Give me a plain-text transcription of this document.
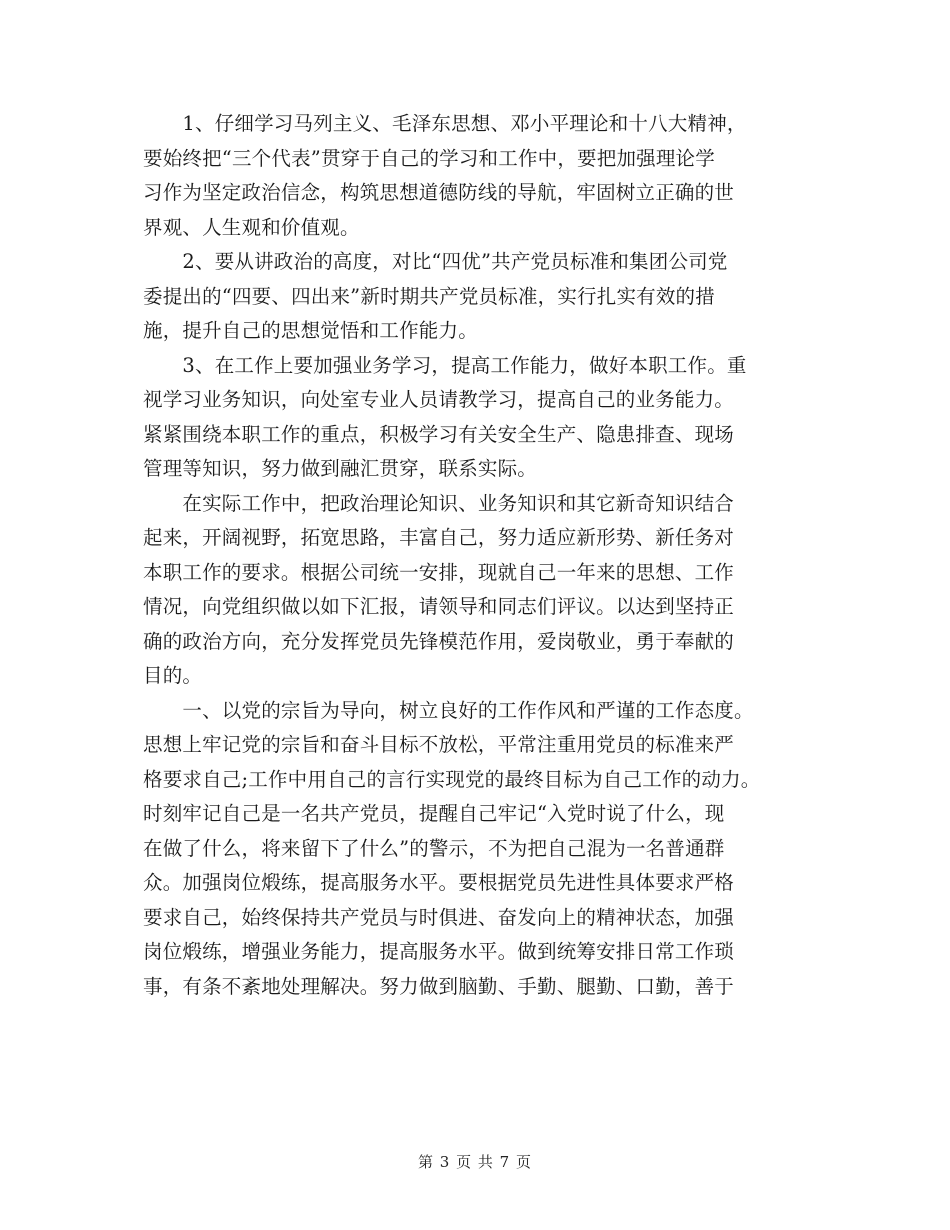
　　1、仔细学习马列主义、毛泽东思想、邓小平理论和十八大精神，
要始终把“三个代表”贯穿于自己的学习和工作中，要把加强理论学
习作为坚定政治信念，构筑思想道德防线的导航，牢固树立正确的世
界观、人生观和价值观。
　　2、要从讲政治的高度，对比“四优”共产党员标准和集团公司党
委提出的“四要、四出来”新时期共产党员标准，实行扎实有效的措
施，提升自己的思想觉悟和工作能力。
　　3、在工作上要加强业务学习，提高工作能力，做好本职工作。重
视学习业务知识，向处室专业人员请教学习，提高自己的业务能力。
紧紧围绕本职工作的重点，积极学习有关安全生产、隐患排查、现场
管理等知识，努力做到融汇贯穿，联系实际。
　　在实际工作中，把政治理论知识、业务知识和其它新奇知识结合
起来，开阔视野，拓宽思路，丰富自己，努力适应新形势、新任务对
本职工作的要求。根据公司统一安排，现就自己一年来的思想、工作
情况，向党组织做以如下汇报，请领导和同志们评议。以达到坚持正
确的政治方向，充分发挥党员先锋模范作用，爱岗敬业，勇于奉献的
目的。
　　一、以党的宗旨为导向，树立良好的工作作风和严谨的工作态度。
思想上牢记党的宗旨和奋斗目标不放松，平常注重用党员的标准来严
格要求自己;工作中用自己的言行实现党的最终目标为自己工作的动力。
时刻牢记自己是一名共产党员，提醒自己牢记“入党时说了什么，现
在做了什么，将来留下了什么”的警示，不为把自己混为一名普通群
众。加强岗位煅练，提高服务水平。要根据党员先进性具体要求严格
要求自己，始终保持共产党员与时俱进、奋发向上的精神状态，加强
岗位煅练，增强业务能力，提高服务水平。做到统筹安排日常工作琐
事，有条不紊地处理解决。努力做到脑勤、手勤、腿勤、口勤，善于
第 3 页 共 7 页
